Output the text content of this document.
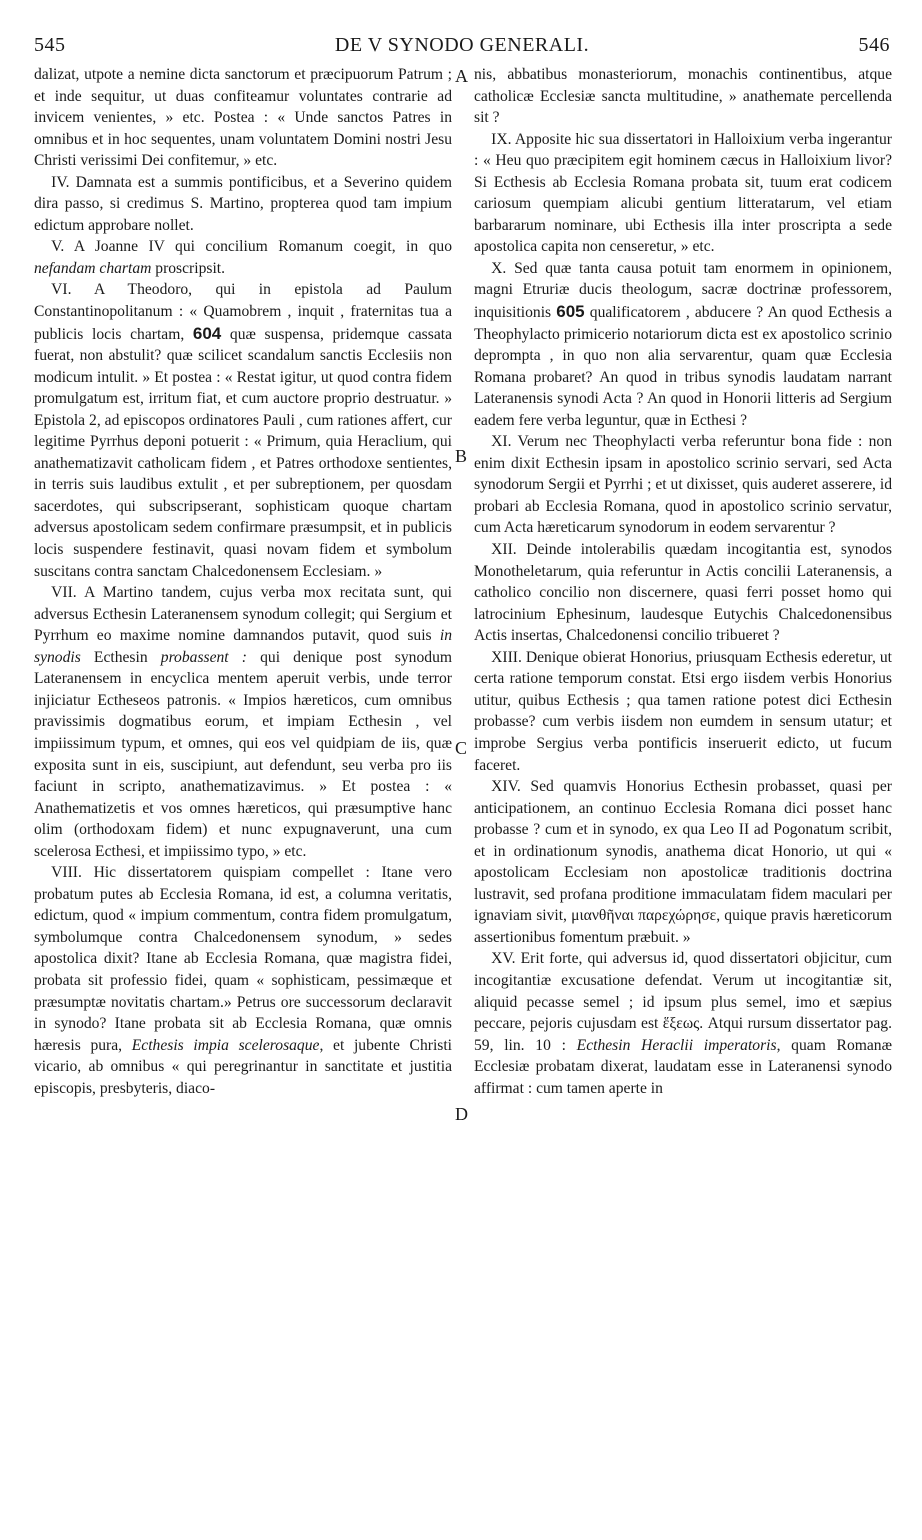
545	DE V SYNODO GENERALI.	546
A
B
C
D

dalizat, utpote a nemine dicta sanctorum et præcipuorum Patrum ; et inde sequitur, ut duas confiteamur voluntates contrarie ad invicem venientes, » etc. Postea : « Unde sanctos Patres in omnibus et in hoc sequentes, unam voluntatem Domini nostri Jesu Christi verissimi Dei confitemur, » etc.

IV. Damnata est a summis pontificibus, et a Severino quidem dira passo, si credimus S. Martino, propterea quod tam impium edictum approbare nollet.

V. A Joanne IV qui concilium Romanum coegit, in quo nefandam chartam proscripsit.

VI. A Theodoro, qui in epistola ad Paulum Constantinopolitanum : « Quamobrem , inquit , fraternitas tua a publicis locis chartam, 604 quæ suspensa, pridemque cassata fuerat, non abstulit? quæ scilicet scandalum sanctis Ecclesiis non modicum intulit. » Et postea : « Restat igitur, ut quod contra fidem promulgatum est, irritum fiat, et cum auctore proprio destruatur. » Epistola 2, ad episcopos ordinatores Pauli , cum rationes affert, cur legitime Pyrrhus deponi potuerit : « Primum, quia Heraclium, qui anathematizavit catholicam fidem , et Patres orthodoxe sentientes, in terris suis laudibus extulit , et per subreptionem, per quosdam sacerdotes, qui subscripserant, sophisticam quoque chartam adversus apostolicam sedem confirmare præsumpsit, et in publicis locis suspendere festinavit, quasi novam fidem et symbolum suscitans contra sanctam Chalcedonensem Ecclesiam. »

VII. A Martino tandem, cujus verba mox recitata sunt, qui adversus Ecthesin Lateranensem synodum collegit; qui Sergium et Pyrrhum eo maxime nomine damnandos putavit, quod suis in synodis Ecthesin probassent : qui denique post synodum Lateranensem in encyclica mentem aperuit verbis, unde terror injiciatur Ectheseos patronis. « Impios hæreticos, cum omnibus pravissimis dogmatibus eorum, et impiam Ecthesin , vel impiissimum typum, et omnes, qui eos vel quidpiam de iis, quæ exposita sunt in eis, suscipiunt, aut defendunt, seu verba pro iis faciunt in scripto, anathematizavimus. » Et postea : « Anathematizetis et vos omnes hæreticos, qui præsumptive hanc olim (orthodoxam fidem) et nunc expugnaverunt, una cum scelerosa Ecthesi, et impiissimo typo, » etc.

VIII. Hic dissertatorem quispiam compellet : Itane vero probatum putes ab Ecclesia Romana, id est, a columna veritatis, edictum, quod « impium commentum, contra fidem promulgatum, symbolumque contra Chalcedonensem synodum, » sedes apostolica dixit? Itane ab Ecclesia Romana, quæ magistra fidei, probata sit professio fidei, quam « sophisticam, pessimæque et præsumptæ novitatis chartam.» Petrus ore successorum declaravit in synodo? Itane probata sit ab Ecclesia Romana, quæ omnis hæresis pura, Ecthesis impia scelerosaque, et jubente Christi vicario, ab omnibus « qui peregrinantur in sanctitate et justitia episcopis, presbyteris, diaco-

nis, abbatibus monasteriorum, monachis continentibus, atque catholicæ Ecclesiæ sancta multitudine, » anathemate percellenda sit ?

IX. Apposite hic sua dissertatori in Halloixium verba ingerantur : « Heu quo præcipitem egit hominem cæcus in Halloixium livor? Si Ecthesis ab Ecclesia Romana probata sit, tuum erat codicem cariosum quempiam alicubi gentium litteratarum, vel etiam barbararum nominare, ubi Ecthesis illa inter proscripta a sede apostolica capita non censeretur, » etc.

X. Sed quæ tanta causa potuit tam enormem in opinionem, magni Etruriæ ducis theologum, sacræ doctrinæ professorem, inquisitionis 605 qualificatorem , abducere ? An quod Ecthesis a Theophylacto primicerio notariorum dicta est ex apostolico scrinio deprompta , in quo non alia servarentur, quam quæ Ecclesia Romana probaret? An quod in tribus synodis laudatam narrant Lateranensis synodi Acta ? An quod in Honorii litteris ad Sergium eadem fere verba leguntur, quæ in Ecthesi ?

XI. Verum nec Theophylacti verba referuntur bona fide : non enim dixit Ecthesin ipsam in apostolico scrinio servari, sed Acta synodorum Sergii et Pyrrhi ; et ut dixisset, quis auderet asserere, id probari ab Ecclesia Romana, quod in apostolico scrinio servatur, cum Acta hæreticarum synodorum in eodem servarentur ?

XII. Deinde intolerabilis quædam incogitantia est, synodos Monotheletarum, quia referuntur in Actis concilii Lateranensis, a catholico concilio non discernere, quasi ferri posset homo qui latrocinium Ephesinum, laudesque Eutychis Chalcedonensibus Actis insertas, Chalcedonensi concilio tribueret ?

XIII. Denique obierat Honorius, priusquam Ecthesis ederetur, ut certa ratione temporum constat. Etsi ergo iisdem verbis Honorius utitur, quibus Ecthesis ; qua tamen ratione potest dici Ecthesin probasse? cum verbis iisdem non eumdem in sensum utatur; et improbe Sergius verba pontificis inseruerit edicto, ut fucum faceret.

XIV. Sed quamvis Honorius Ecthesin probasset, quasi per anticipationem, an continuo Ecclesia Romana dici posset hanc probasse ? cum et in synodo, ex qua Leo II ad Pogonatum scribit, et in ordinationum synodis, anathema dicat Honorio, ut qui « apostolicam Ecclesiam non apostolicæ traditionis doctrina lustravit, sed profana proditione immaculatam fidem maculari per ignaviam sivit, μιανθῆναι παρεχώρησε, quique pravis hæreticorum assertionibus fomentum præbuit. »

XV. Erit forte, qui adversus id, quod dissertatori objicitur, cum incogitantiæ excusatione defendat. Verum ut incogitantiæ sit, aliquid pecasse semel ; id ipsum plus semel, imo et sæpius peccare, pejoris cujusdam est ἕξεως. Atqui rursum dissertator pag. 59, lin. 10 : Ecthesin Heraclii imperatoris, quam Romanæ Ecclesiæ probatam dixerat, laudatam esse in Lateranensi synodo affirmat : cum tamen aperte in
